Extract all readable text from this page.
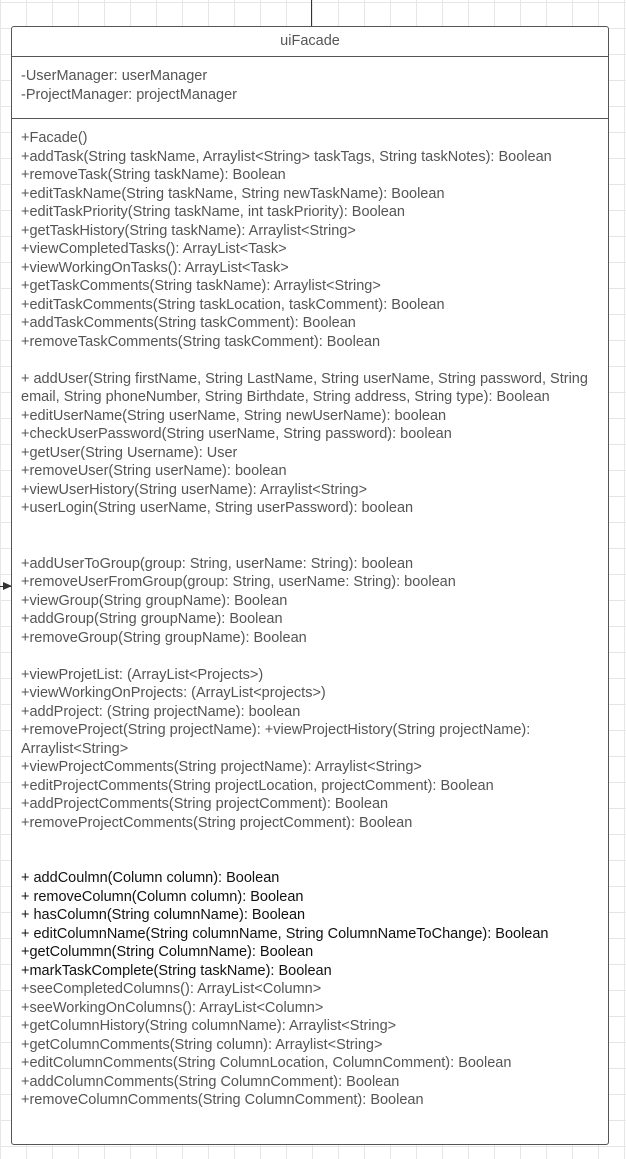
uiFacade
-UserManager: userManager
-ProjectManager: projectManager
+Facade()
+addTask(String taskName, Arraylist<String> taskTags, String taskNotes): Boolean
+removeTask(String taskName): Boolean
+editTaskName(String taskName, String newTaskName): Boolean
+editTaskPriority(String taskName, int taskPriority): Boolean
+getTaskHistory(String taskName): Arraylist<String>
+viewCompletedTasks(): ArrayList<Task>
+viewWorkingOnTasks(): ArrayList<Task>
+getTaskComments(String taskName): Arraylist<String>
+editTaskComments(String taskLocation, taskComment): Boolean
+addTaskComments(String taskComment): Boolean
+removeTaskComments(String taskComment): Boolean
+ addUser(String firstName, String LastName, String userName, String password, String email, String phoneNumber, String Birthdate, String address, String type): Boolean
+editUserName(String userName, String newUserName): boolean
+checkUserPassword(String userName, String password): boolean
+getUser(String Username): User
+removeUser(String userName): boolean
+viewUserHistory(String userName): Arraylist<String>
+userLogin(String userName, String userPassword): boolean
+addUserToGroup(group: String, userName: String): boolean
+removeUserFromGroup(group: String, userName: String): boolean
+viewGroup(String groupName): Boolean
+addGroup(String groupName): Boolean
+removeGroup(String groupName): Boolean
+viewProjetList: (ArrayList<Projects>)
+viewWorkingOnProjects: (ArrayList<projects>)
+addProject: (String projectName): boolean
+removeProject(String projectName): +viewProjectHistory(String projectName): Arraylist<String>
+viewProjectComments(String projectName): Arraylist<String>
+editProjectComments(String projectLocation, projectComment): Boolean
+addProjectComments(String projectComment): Boolean
+removeProjectComments(String projectComment): Boolean
+ addCoulmn(Column column): Boolean
+ removeColumn(Column column): Boolean
+ hasColumn(String columnName): Boolean
+ editColumnName(String columnName, String ColumnNameToChange): Boolean
+getColummn(String ColumnName): Boolean
+markTaskComplete(String taskName): Boolean
+seeCompletedColumns(): ArrayList<Column>
+seeWorkingOnColumns(): ArrayList<Column>
+getColumnHistory(String columnName): Arraylist<String>
+getColumnComments(String column): Arraylist<String>
+editColumnComments(String ColumnLocation, ColumnComment): Boolean
+addColumnComments(String ColumnComment): Boolean
+removeColumnComments(String ColumnComment): Boolean
